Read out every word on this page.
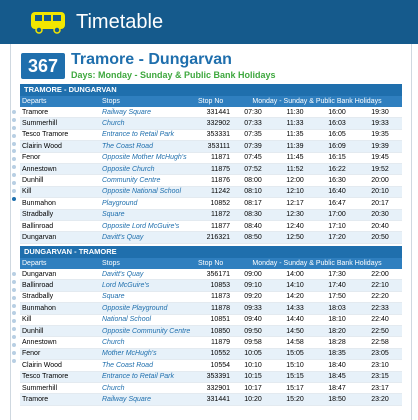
Timetable
367 Tramore - Dungarvan
Days: Monday - Sunday & Public Bank Holidays
TRAMORE - DUNGARVAN
Departs	Stops	Stop No	Monday - Sunday & Public Bank Holidays			
Tramore	Railway Square	331441	07:30	11:30	16:00	19:30
Summerhill	Church	332902	07:33	11:33	16:03	19:33
Tesco Tramore	Entrance to Retail Park	353331	07:35	11:35	16:05	19:35
Clairin Wood	The Coast Road	353111	07:39	11:39	16:09	19:39
Fenor	Opposite Mother McHugh's	11871	07:45	11:45	16:15	19:45
Annestown	Opposite Church	11875	07:52	11:52	16:22	19:52
Dunhill	Community Centre	11876	08:00	12:00	16:30	20:00
Kill	Opposite National School	11242	08:10	12:10	16:40	20:10
Bunmahon	Playground	10852	08:17	12:17	16:47	20:17
Stradbally	Square	11872	08:30	12:30	17:00	20:30
Ballinroad	Opposite Lord McGuire's	11877	08:40	12:40	17:10	20:40
Dungarvan	Davitt's Quay	216321	08:50	12:50	17:20	20:50
DUNGARVAN - TRAMORE
Departs	Stops	Stop No	Monday - Sunday & Public Bank Holidays			
Dungarvan	Davitt's Quay	356171	09:00	14:00	17:30	22:00
Ballinroad	Lord McGuire's	10853	09:10	14:10	17:40	22:10
Stradbally	Square	11873	09:20	14:20	17:50	22:20
Bunmahon	Opposite Playground	11878	09:33	14:33	18:03	22:33
Kill	National School	10851	09:40	14:40	18:10	22:40
Dunhill	Opposite Community Centre	10850	09:50	14:50	18:20	22:50
Annestown	Church	11879	09:58	14:58	18:28	22:58
Fenor	Mother McHugh's	10552	10:05	15:05	18:35	23:05
Clairin Wood	The Coast Road	10554	10:10	15:10	18:40	23:10
Tesco Tramore	Entrance to Retail Park	353391	10:15	15:15	18:45	23:15
Summerhill	Church	332901	10:17	15:17	18:47	23:17
Tramore	Railway Square	331441	10:20	15:20	18:50	23:20
